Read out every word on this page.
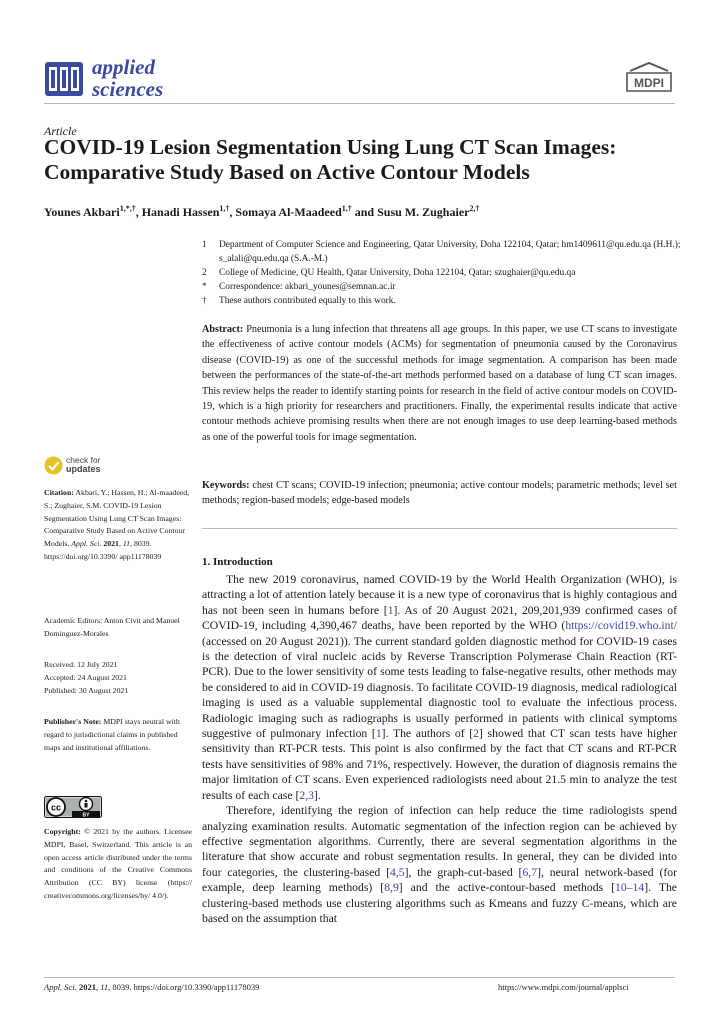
applied
sciences	MDPI
Article
COVID-19 Lesion Segmentation Using Lung CT Scan Images: Comparative Study Based on Active Contour Models
Younes Akbari$^{1,*,\dagger}$, Hanadi Hassen$^{1,\dagger}$, Somaya Al-Maadeed$^{1,\dagger}$ and Susu M. Zughaier$^{2,\dagger}$
1 Department of Computer Science and Engineering, Qatar University, Doha 122104, Qatar; hm1409611@qu.edu.qa (H.H.); s_alali@qu.edu.qa (S.A.-M.)
2 College of Medicine, QU Health, Qatar University, Doha 122104, Qatar; szughaier@qu.edu.qa
* Correspondence: akbari_younes@semnan.ac.ir
† These authors contributed equally to this work.
Abstract: Pneumonia is a lung infection that threatens all age groups. In this paper, we use CT scans to investigate the effectiveness of active contour models (ACMs) for segmentation of pneumonia caused by the Coronavirus disease (COVID-19) as one of the successful methods for image segmentation. A comparison has been made between the performances of the state-of-the-art methods performed based on a database of lung CT scan images. This review helps the reader to identify starting points for research in the field of active contour models on COVID-19, which is a high priority for researchers and practitioners. Finally, the experimental results indicate that active contour methods achieve promising results when there are not enough images to use deep learning-based methods as one of the powerful tools for image segmentation.
Keywords: chest CT scans; COVID-19 infection; pneumonia; active contour models; parametric methods; level set methods; region-based models; edge-based models
check for
updates
Citation: Akbari, Y.; Hassen, H.; Al-maadeed, S.; Zughaier, S.M. COVID-19 Lesion Segmentation Using Lung CT Scan Images: Comparative Study Based on Active Contour Models. Appl. Sci. 2021, 11, 8039. https://doi.org/10.3390/ app11178039
Academic Editors: Anton Civit and Manuel Dominguez-Morales
Received: 12 July 2021
Accepted: 24 August 2021
Published: 30 August 2021
Publisher's Note: MDPI stays neutral with regard to jurisdictional claims in published maps and institutional affiliations.
cc
BY
Copyright: © 2021 by the authors. Licensee MDPI, Basel, Switzerland. This article is an open access article distributed under the terms and conditions of the Creative Commons Attribution (CC BY) license (https:// creativecommons.org/licenses/by/ 4.0/).
1. Introduction

The new 2019 coronavirus, named COVID-19 by the World Health Organization (WHO), is attracting a lot of attention lately because it is a new type of coronavirus that is highly contagious and has not been seen in humans before [1]. As of 20 August 2021, 209,201,939 confirmed cases of COVID-19, including 4,390,467 deaths, have been reported by the WHO (https://covid19.who.int/ (accessed on 20 August 2021)). The current standard golden diagnostic method for COVID-19 cases is the detection of viral nucleic acids by Reverse Transcription Polymerase Chain Reaction (RT-PCR). Due to the lower sensitivity of some tests leading to false-negative results, other methods may be considered to aid in COVID-19 diagnosis. To facilitate COVID-19 diagnosis, medical radiological imaging is used as a valuable supplemental diagnostic tool to evaluate the infectious process. Radiologic imaging such as radiographs is usually performed in patients with clinical symptoms suggestive of pulmonary infection [1]. The authors of [2] showed that CT scan tests have higher sensitivity than RT-PCR tests. This point is also confirmed by the fact that CT scans and RT-PCR tests have sensitivities of 98% and 71%, respectively. However, the duration of diagnosis remains the major limitation of CT scans. Even experienced radiologists need about 21.5 min to analyze the test results of each case [2,3].

Therefore, identifying the region of infection can help reduce the time radiologists spend analyzing examination results. Automatic segmentation of the infection region can be achieved by effective segmentation algorithms. Currently, there are several segmentation algorithms in the literature that show accurate and robust segmentation results. In general, they can be divided into four categories, the clustering-based [4,5], the graph-cut-based [6,7], neural network-based (for example, deep learning methods) [8,9] and the active-contour-based methods [10–14]. The clustering-based methods use clustering algorithms such as Kmeans and fuzzy C-means, which are based on the assumption that

Appl. Sci. 2021, 11, 8039. https://doi.org/10.3390/app11178039	https://www.mdpi.com/journal/applsci
